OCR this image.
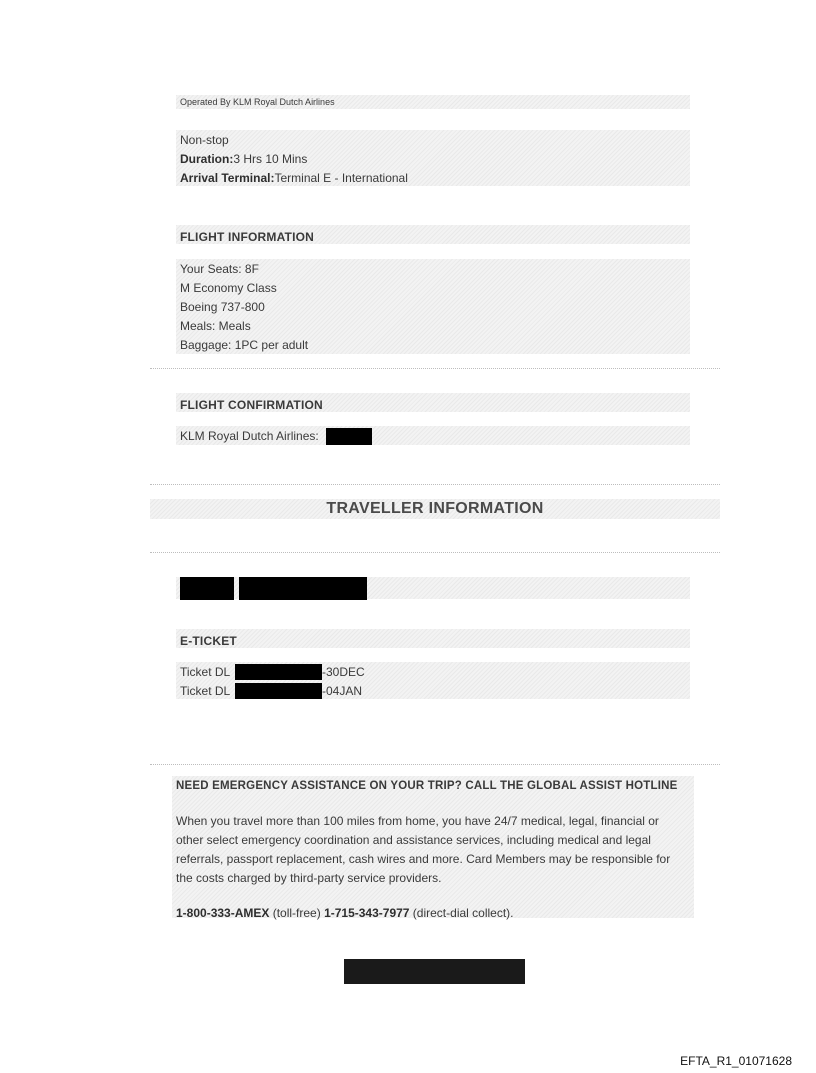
Operated By KLM Royal Dutch Airlines
Non-stop
Duration:3 Hrs 10 Mins
Arrival Terminal:Terminal E - International
FLIGHT INFORMATION
Your Seats: 8F
M Economy Class
Boeing 737-800
Meals: Meals
Baggage: 1PC per adult
FLIGHT CONFIRMATION
KLM Royal Dutch Airlines:
TRAVELLER INFORMATION
E-TICKET
Ticket DL	-30DEC
Ticket DL	-04JAN
NEED EMERGENCY ASSISTANCE ON YOUR TRIP? CALL THE GLOBAL ASSIST HOTLINE
When you travel more than 100 miles from home, you have 24/7 medical, legal, financial or
other select emergency coordination and assistance services, including medical and legal
referrals, passport replacement, cash wires and more. Card Members may be responsible for
the costs charged by third-party service providers.
1-800-333-AMEX (toll-free) 1-715-343-7977 (direct-dial collect).
EFTA_R1_01071628
